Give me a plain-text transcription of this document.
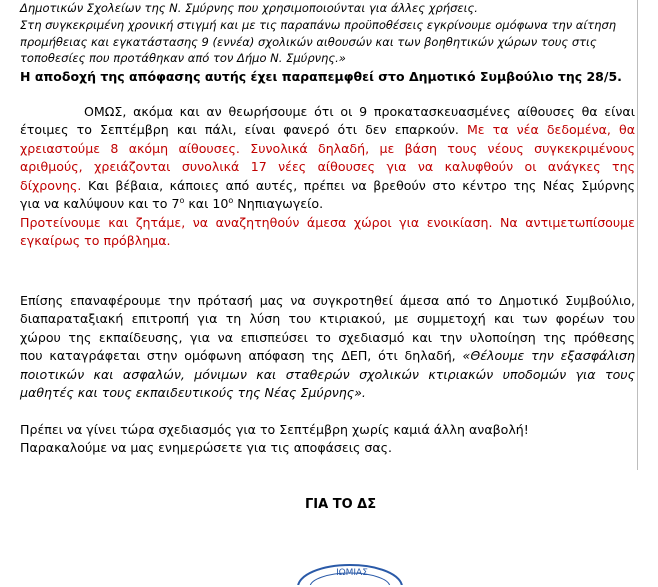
Δημοτικών Σχολείων της Ν. Σμύρνης που χρησιμοποιούνται για άλλες χρήσεις.

Στη συγκεκριμένη χρονική στιγμή και με τις παραπάνω προϋποθέσεις εγκρίνουμε ομόφωνα την αίτηση

προμήθειας και εγκατάστασης 9 (εννέα) σχολικών αιθουσών και των βοηθητικών χώρων τους στις

τοποθεσίες που προτάθηκαν από τον Δήμο Ν. Σμύρνης.»

Η αποδοχή της απόφασης αυτής έχει παραπεμφθεί στο Δημοτικό Συμβούλιο της 28/5.
ΟΜΩΣ, ακόμα και αν θεωρήσουμε ότι οι 9 προκατασκευασμένες αίθουσες θα είναι
έτοιμες το Σεπτέμβρη και πάλι, είναι φανερό ότι δεν επαρκούν. Με τα νέα δεδομένα, θα
χρειαστούμε 8 ακόμη αίθουσες. Συνολικά δηλαδή, με βάση τους νέους συγκεκριμένους
αριθμούς, χρειάζονται συνολικά 17 νέες αίθουσες για να καλυφθούν οι ανάγκες της
δίχρονης. Και βέβαια, κάποιες από αυτές, πρέπει να βρεθούν στο κέντρο της Νέας Σμύρνης
για να καλύψουν και το $7^o$ και $10^o$ Νηπιαγωγείο.
Προτείνουμε και ζητάμε, να αναζητηθούν άμεσα χώροι για ενοικίαση. Να αντιμετωπίσουμε
εγκαίρως το πρόβλημα.
Επίσης επαναφέρουμε την πρότασή μας να συγκροτηθεί άμεσα από το Δημοτικό Συμβούλιο,
διαπαραταξιακή επιτροπή για τη λύση του κτιριακού, με συμμετοχή και των φορέων του
χώρου της εκπαίδευσης, για να επισπεύσει το σχεδιασμό και την υλοποίηση της πρόθεσης
που καταγράφεται στην ομόφωνη απόφαση της ΔΕΠ, ότι δηλαδή, «Θέλουμε την εξασφάλιση
ποιοτικών και ασφαλών, μόνιμων και σταθερών σχολικών κτιριακών υποδομών για τους
μαθητές και τους εκπαιδευτικούς της Νέας Σμύρνης».
Πρέπει να γίνει τώρα σχεδιασμός για το Σεπτέμβρη χωρίς καμιά άλλη αναβολή!
Παρακαλούμε να μας ενημερώσετε για τις αποφάσεις σας.
ΓΙΑ ΤΟ ΔΣ
ΙΩΜΙΑΣ
